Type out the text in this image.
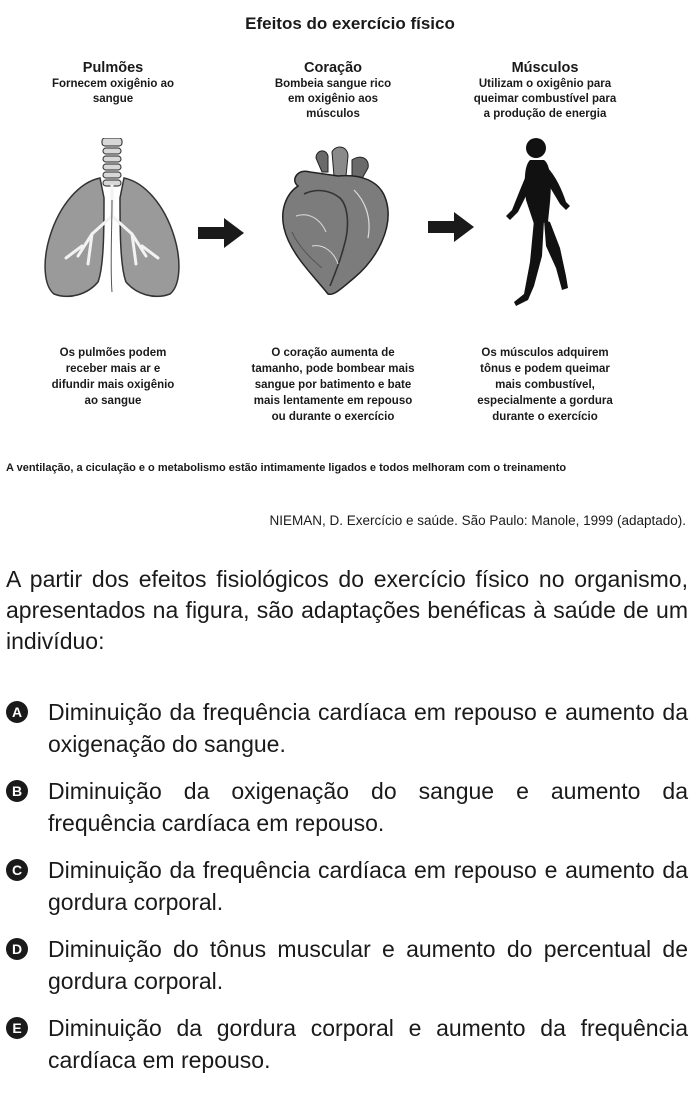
Efeitos do exercício físico
Pulmões
Fornecem oxigênio ao
sangue
Coração
Bombeia sangue rico
em oxigênio aos
músculos
Músculos
Utilizam o oxigênio para
queimar combustível para
a produção de energia
Os pulmões podem
receber mais ar e
difundir mais oxigênio
ao sangue
O coração aumenta de
tamanho, pode bombear mais
sangue por batimento e bate
mais lentamente em repouso
ou durante o exercício
Os músculos adquirem
tônus e podem queimar
mais combustível,
especialmente a gordura
durante o exercício
A ventilação, a ciculação e o metabolismo estão intimamente ligados e todos melhoram com o treinamento
NIEMAN, D. Exercício e saúde. São Paulo: Manole, 1999 (adaptado).
A partir dos efeitos fisiológicos do exercício físico no organismo, apresentados na figura, são adaptações benéficas à saúde de um indivíduo:
A Diminuição da frequência cardíaca em repouso e aumento da oxigenação do sangue.
B Diminuição da oxigenação do sangue e aumento da frequência cardíaca em repouso.
C Diminuição da frequência cardíaca em repouso e aumento da gordura corporal.
D Diminuição do tônus muscular e aumento do percentual de gordura corporal.
E Diminuição da gordura corporal e aumento da frequência cardíaca em repouso.
